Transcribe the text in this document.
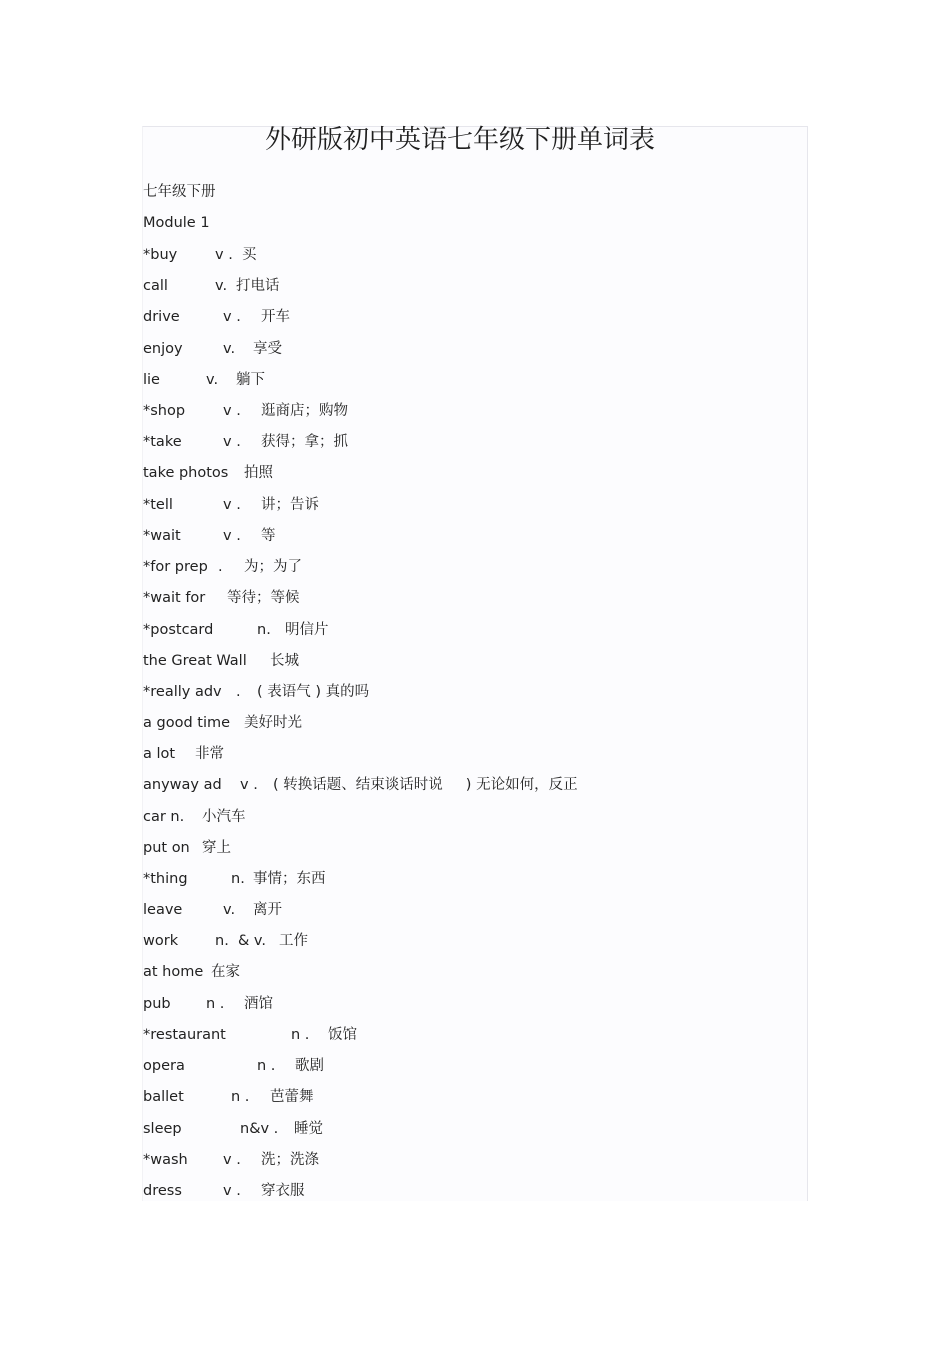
外研版初中英语七年级下册单词表
七年级下册
Module 1
*buy	v . 买
call	v. 打电话
drive	v . 开车
enjoy	v. 享受
lie	v. 躺下
*shop	v . 逛商店；购物
*take	v . 获得；拿；抓
take photos 拍照
*tell	v . 讲；告诉
*wait	v . 等
*for prep . 为；为了
*wait for 等待；等候
*postcard	n. 明信片
the Great Wall 长城
*really adv . ( 表语气 ) 真的吗
a good time 美好时光
a lot 非常
anyway ad v . ( 转换话题、结束谈话时说     ) 无论如何，反正
car n. 小汽车
put on 穿上
*thing	n. 事情；东西
leave	v. 离开
work	n.  & v. 工作
at home 在家
pub n . 酒馆
*restaurant	n . 饭馆
opera	n . 歌剧
ballet	n . 芭蕾舞
sleep	n&v . 睡觉
*wash v . 洗；洗涤
dress	v . 穿衣服
